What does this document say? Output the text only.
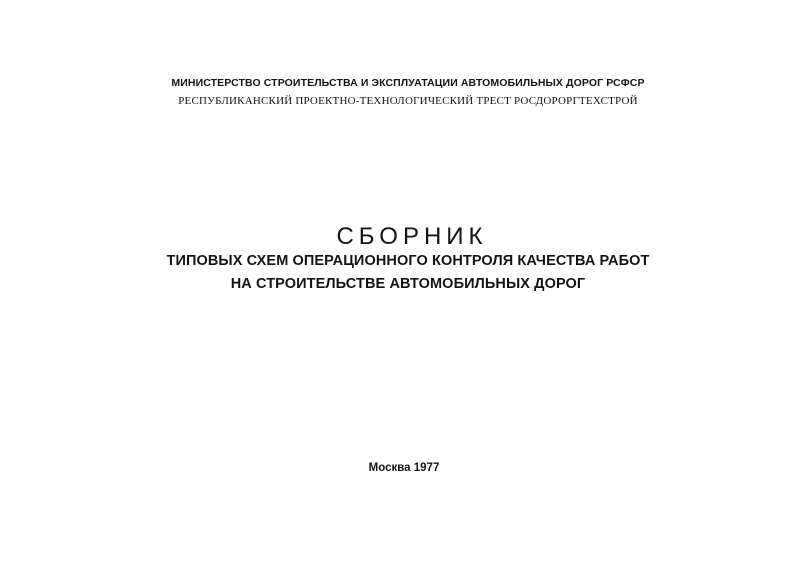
МИНИСТЕРСТВО СТРОИТЕЛЬСТВА И ЭКСПЛУАТАЦИИ АВТОМОБИЛЬНЫХ ДОРОГ РСФСР
РЕСПУБЛИКАНСКИЙ ПРОЕКТНО-ТЕХНОЛОГИЧЕСКИЙ ТРЕСТ РОСДОРОРГТЕХСТРОЙ
СБОРНИК
ТИПОВЫХ СХЕМ ОПЕРАЦИОННОГО КОНТРОЛЯ КАЧЕСТВА РАБОТ
НА СТРОИТЕЛЬСТВЕ АВТОМОБИЛЬНЫХ ДОРОГ
Москва 1977
